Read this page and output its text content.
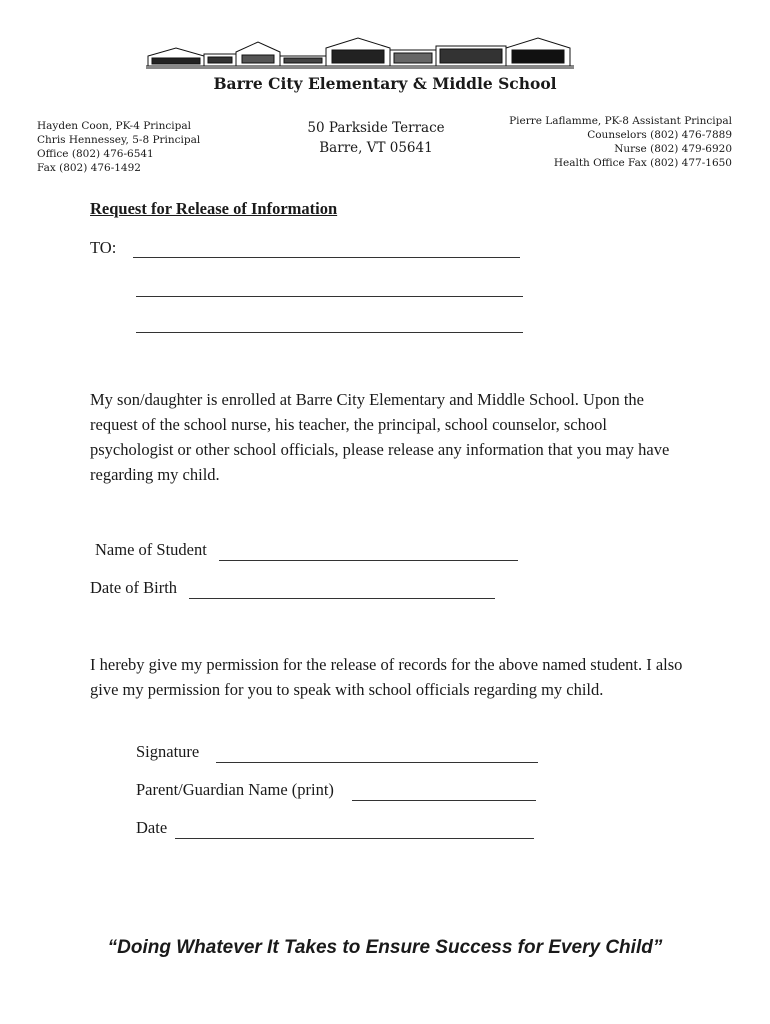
Barre City Elementary & Middle School
Hayden Coon, PK-4 Principal
Chris Hennessey, 5-8 Principal
Office (802) 476-6541
Fax (802) 476-1492
50 Parkside Terrace
Barre, VT 05641
Pierre Laflamme, PK-8 Assistant Principal
Counselors (802) 476-7889
Nurse (802) 479-6920
Health Office Fax (802) 477-1650
Request for Release of Information
TO:
My son/daughter is enrolled at Barre City Elementary and Middle School. Upon the request of the school nurse, his teacher, the principal, school counselor, school psychologist or other school officials, please release any information that you may have regarding my child.
Name of Student
Date of Birth
I hereby give my permission for the release of records for the above named student. I also give my permission for you to speak with school officials regarding my child.
Signature
Parent/Guardian Name (print)
Date
“Doing Whatever It Takes to Ensure Success for Every Child”
